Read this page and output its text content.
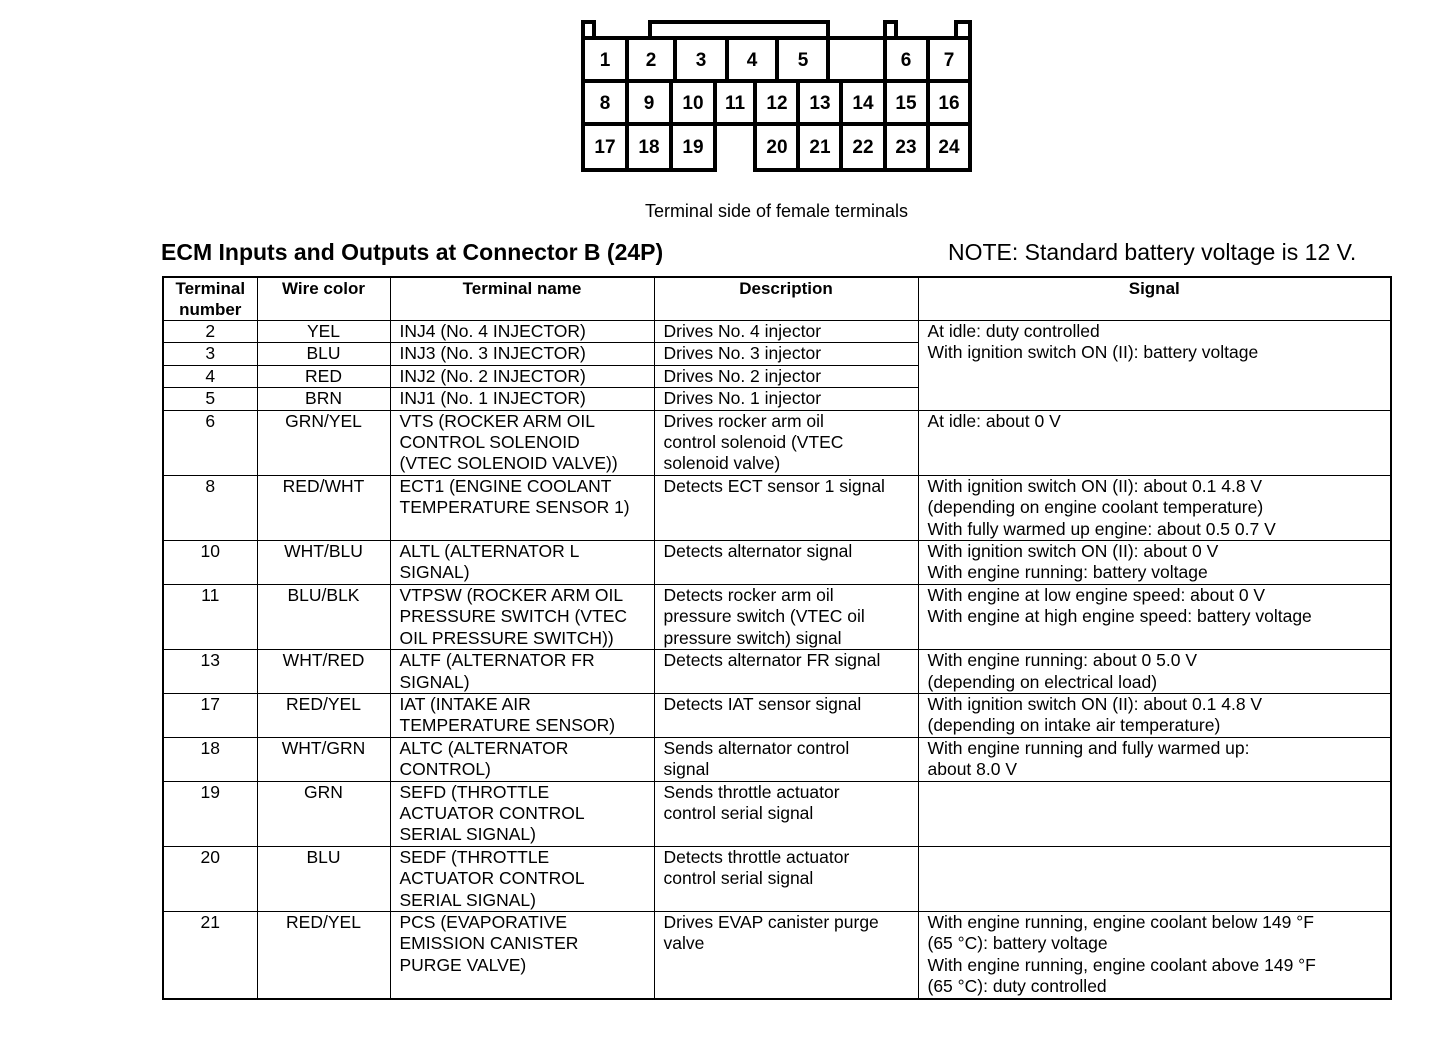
1 2 3 4 5	6 7
8 9 10 11 12 13 14 15 16
17 18 19	20 21 22 23 24
Terminal side of female terminals
ECM Inputs and Outputs at Connector B (24P)	NOTE: Standard battery voltage is 12 V.
Terminal
number	Wire color	Terminal name	Description	Signal
2	YEL	INJ4 (No. 4 INJECTOR)	Drives No. 4 injector	At idle: duty controlled
With ignition switch ON (II): battery voltage
3	BLU	INJ3 (No. 3 INJECTOR)	Drives No. 3 injector	
4	RED	INJ2 (No. 2 INJECTOR)	Drives No. 2 injector	
5	BRN	INJ1 (No. 1 INJECTOR)	Drives No. 1 injector	
6	GRN/YEL	VTS (ROCKER ARM OIL
CONTROL SOLENOID
(VTEC SOLENOID VALVE))	Drives rocker arm oil
control solenoid (VTEC
solenoid valve)	At idle: about 0 V
8	RED/WHT	ECT1 (ENGINE COOLANT
TEMPERATURE SENSOR 1)	Detects ECT sensor 1 signal	With ignition switch ON (II): about 0.1 4.8 V
(depending on engine coolant temperature)
With fully warmed up engine: about 0.5 0.7 V
10	WHT/BLU	ALTL (ALTERNATOR L
SIGNAL)	Detects alternator signal	With ignition switch ON (II): about 0 V
With engine running: battery voltage
11	BLU/BLK	VTPSW (ROCKER ARM OIL
PRESSURE SWITCH (VTEC
OIL PRESSURE SWITCH))	Detects rocker arm oil
pressure switch (VTEC oil
pressure switch) signal	With engine at low engine speed: about 0 V
With engine at high engine speed: battery voltage
13	WHT/RED	ALTF (ALTERNATOR FR
SIGNAL)	Detects alternator FR signal	With engine running: about 0 5.0 V
(depending on electrical load)
17	RED/YEL	IAT (INTAKE AIR
TEMPERATURE SENSOR)	Detects IAT sensor signal	With ignition switch ON (II): about 0.1 4.8 V
(depending on intake air temperature)
18	WHT/GRN	ALTC (ALTERNATOR
CONTROL)	Sends alternator control
signal	With engine running and fully warmed up:
about 8.0 V
19	GRN	SEFD (THROTTLE
ACTUATOR CONTROL
SERIAL SIGNAL)	Sends throttle actuator
control serial signal	
20	BLU	SEDF (THROTTLE
ACTUATOR CONTROL
SERIAL SIGNAL)	Detects throttle actuator
control serial signal	
21	RED/YEL	PCS (EVAPORATIVE
EMISSION CANISTER
PURGE VALVE)	Drives EVAP canister purge
valve	With engine running, engine coolant below 149 °F
(65 °C): battery voltage
With engine running, engine coolant above 149 °F
(65 °C): duty controlled
